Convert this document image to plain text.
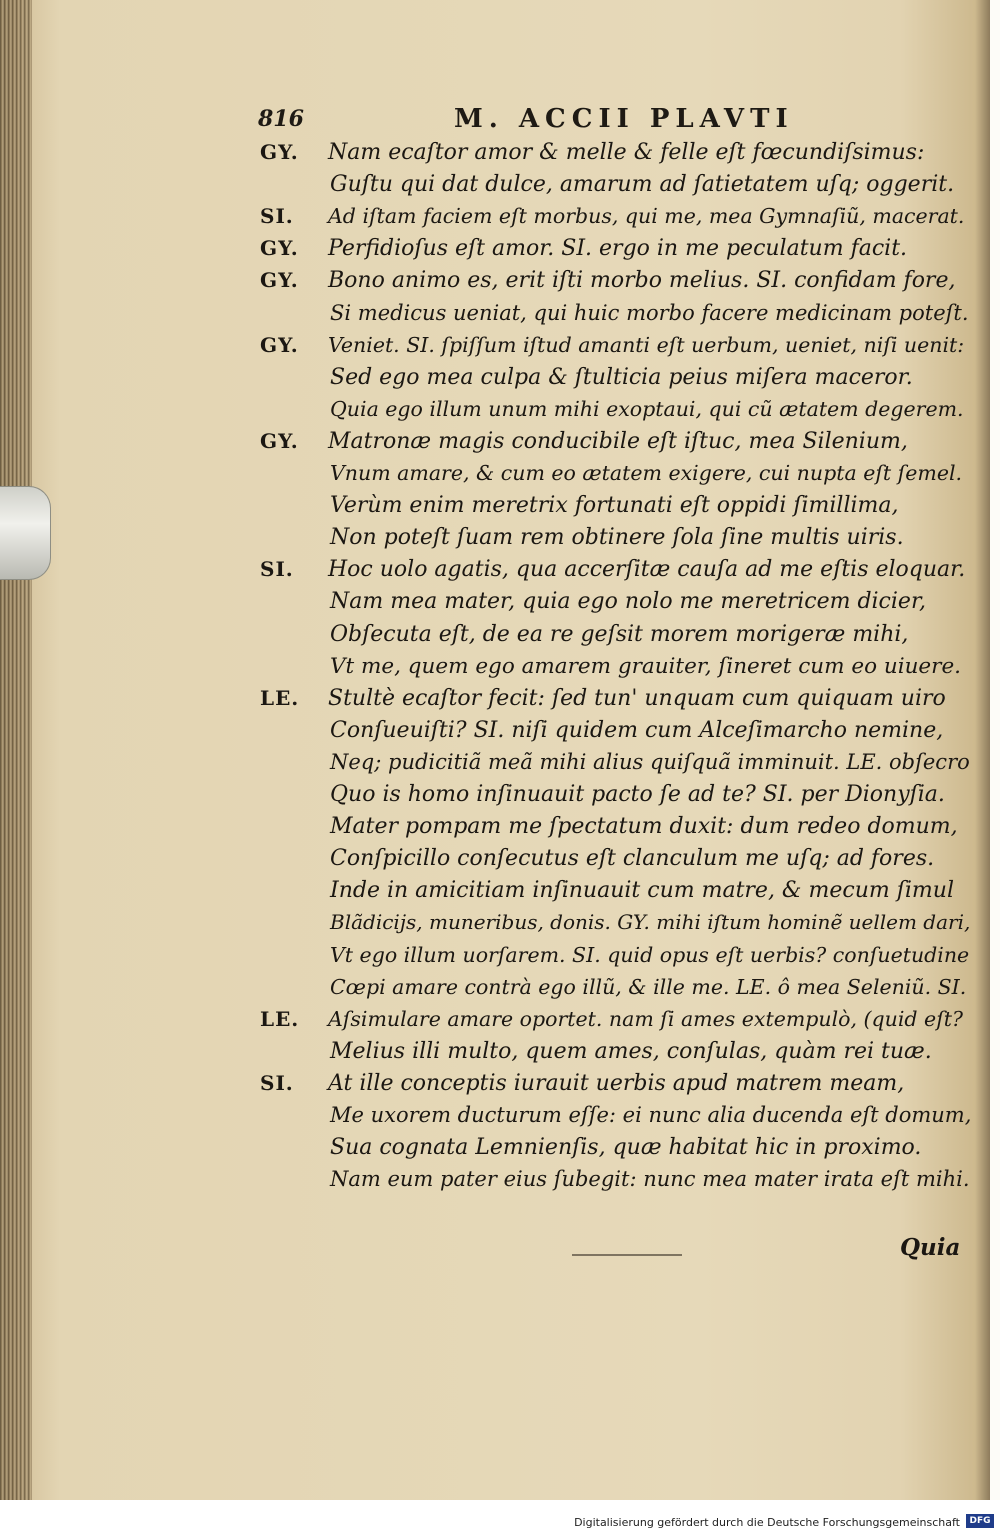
816	M. ACCII PLAVTI
GY.	Nam ecaſtor amor & melle & felle eſt fœcundiſsimus:
Guſtu qui dat dulce, amarum ad ſatietatem uſq; oggerit.
SI.	Ad iſtam faciem eſt morbus, qui me, mea Gymnaſiũ, macerat.
GY.	Perfidioſus eſt amor. SI. ergo in me peculatum facit.
GY.	Bono animo es, erit iſti morbo melius. SI. confidam fore,
Si medicus ueniat, qui huic morbo facere medicinam poteſt.
GY.	Veniet. SI. ſpiſſum iſtud amanti eſt uerbum, ueniet, niſi uenit:
Sed ego mea culpa & ſtulticia peius miſera maceror.
Quia ego illum unum mihi exoptaui, qui cũ ætatem degerem.
GY.	Matronæ magis conducibile eſt iſtuc, mea Silenium,
Vnum amare, & cum eo ætatem exigere, cui nupta eſt ſemel.
Verùm enim meretrix fortunati eſt oppidi ſimillima,
Non poteſt ſuam rem obtinere ſola ſine multis uiris.
SI.	Hoc uolo agatis, qua accerſitæ cauſa ad me eſtis eloquar.
Nam mea mater, quia ego nolo me meretricem dicier,
Obſecuta eſt, de ea re geſsit morem morigeræ mihi,
Vt me, quem ego amarem grauiter, ſineret cum eo uiuere.
LE.	Stultè ecaſtor fecit: ſed tun' unquam cum quiquam uiro
Conſueuiſti? SI. niſi quidem cum Alceſimarcho nemine,
Neq; pudicitiã meã mihi alius quiſquã imminuit. LE. obſecro
Quo is homo inſinuauit pacto ſe ad te? SI. per Dionyſia.
Mater pompam me ſpectatum duxit: dum redeo domum,
Conſpicillo conſecutus eſt clanculum me uſq; ad fores.
Inde in amicitiam inſinuauit cum matre, & mecum ſimul
Blãdicijs, muneribus, donis. GY. mihi iſtum hominẽ uellem dari,
Vt ego illum uorſarem. SI. quid opus eſt uerbis? conſuetudine
Cœpi amare contrà ego illũ, & ille me. LE. ô mea Seleniũ. SI.
LE.	Aſsimulare amare oportet. nam ſi ames extempulò, (quid eſt?
Melius illi multo, quem ames, conſulas, quàm rei tuæ.
SI.	At ille conceptis iurauit uerbis apud matrem meam,
Me uxorem ducturum eſſe: ei nunc alia ducenda eſt domum,
Sua cognata Lemnienſis, quæ habitat hic in proximo.
Nam eum pater eius ſubegit: nunc mea mater irata eſt mihi.
Quia
Digitalisierung gefördert durch die Deutsche Forschungsgemeinschaft	DFG
